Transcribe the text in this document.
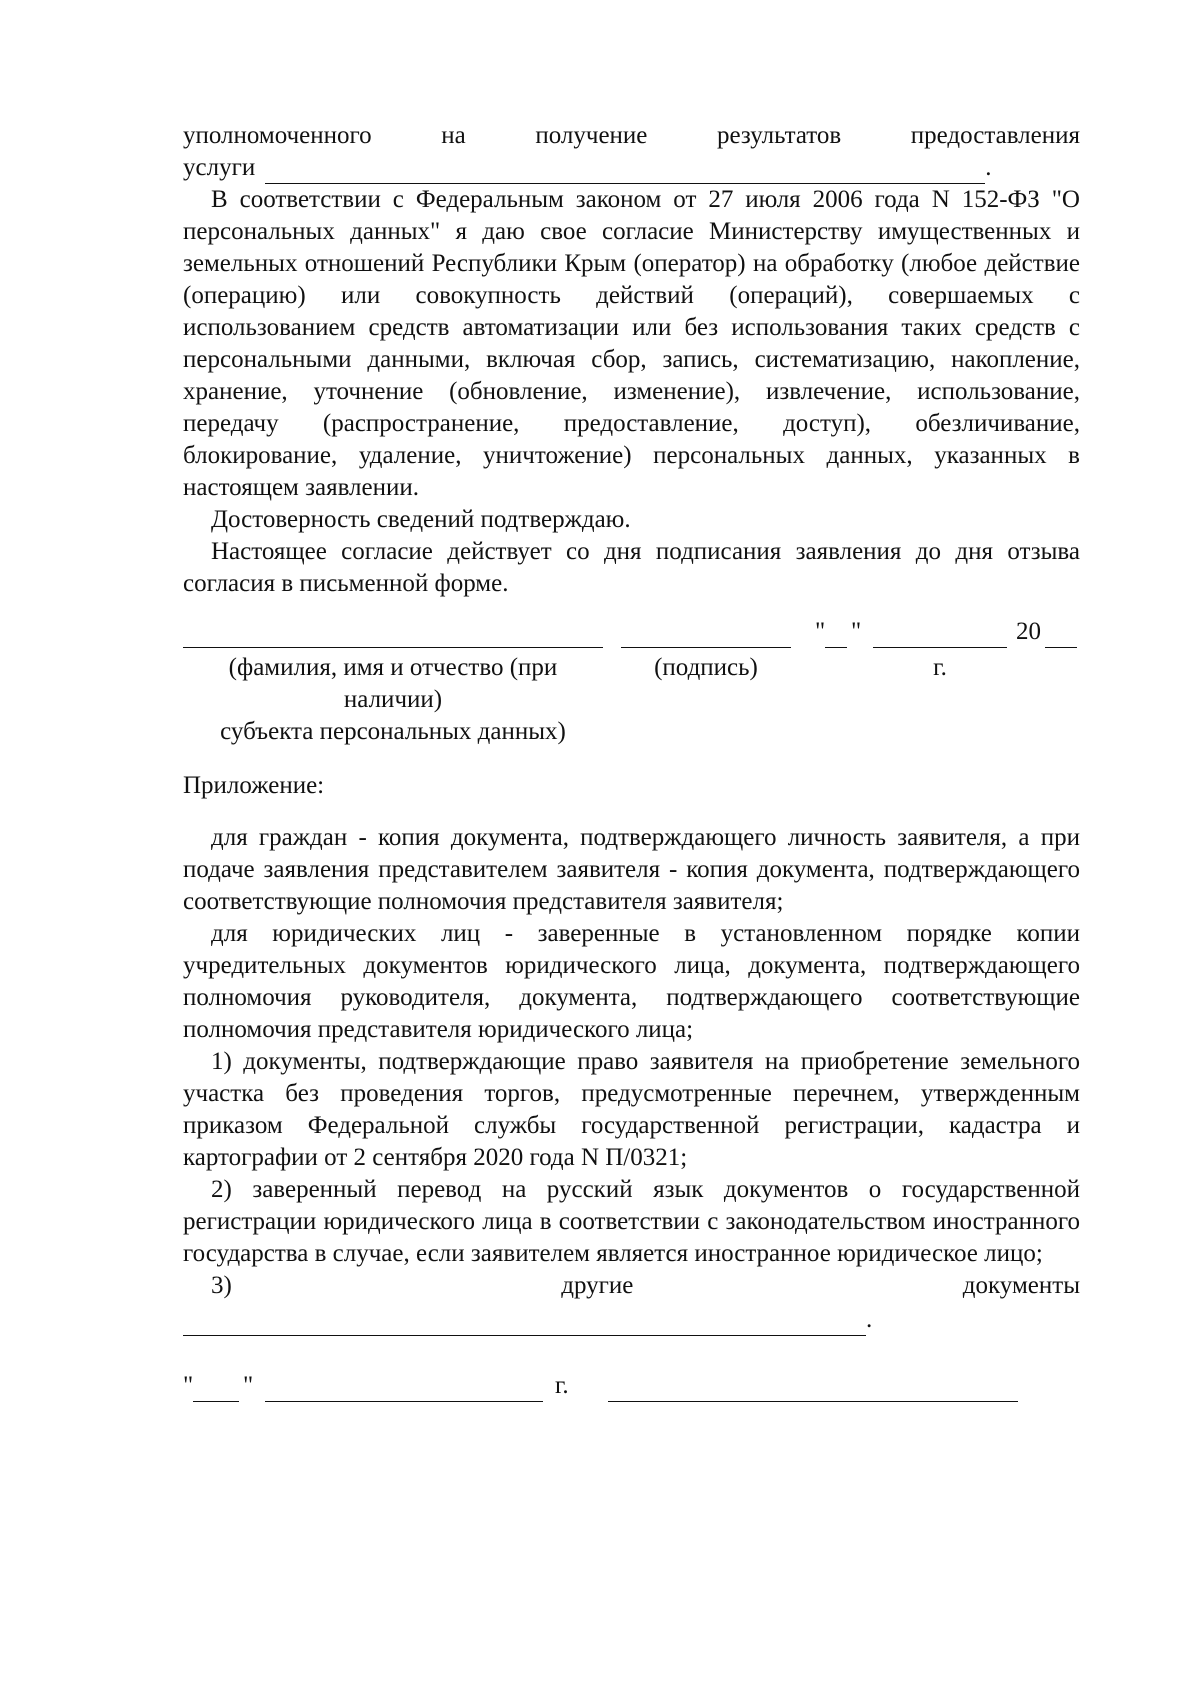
уполномоченного на получение результатов предоставления

услуги	.

В соответствии с Федеральным законом от 27 июля 2006 года N 152-ФЗ "О персональных данных" я даю свое согласие Министерству имущественных и земельных отношений Республики Крым (оператор) на обработку (любое действие (операцию) или совокупность действий (операций), совершаемых с использованием средств автоматизации или без использования таких средств с персональными данными, включая сбор, запись, систематизацию, накопление, хранение, уточнение (обновление, изменение), извлечение, использование, передачу (распространение, предоставление, доступ), обезличивание, блокирование, удаление, уничтожение) персональных данных, указанных в настоящем заявлении.

Достоверность сведений подтверждаю.

Настоящее согласие действует со дня подписания заявления до дня отзыва согласия в письменной форме.

" "	20
(фамилия, имя и отчество (при наличии)
субъекта персональных данных)
(подпись)	г.

Приложение:

для граждан - копия документа, подтверждающего личность заявителя, а при подаче заявления представителем заявителя - копия документа, подтверждающего соответствующие полномочия представителя заявителя;

для юридических лиц - заверенные в установленном порядке копии учредительных документов юридического лица, документа, подтверждающего полномочия руководителя, документа, подтверждающего соответствующие полномочия представителя юридического лица;

1) документы, подтверждающие право заявителя на приобретение земельного участка без проведения торгов, предусмотренные перечнем, утвержденным приказом Федеральной службы государственной регистрации, кадастра и картографии от 2 сентября 2020 года N П/0321;

2) заверенный перевод на русский язык документов о государственной регистрации юридического лица в соответствии с законодательством иностранного государства в случае, если заявителем является иностранное юридическое лицо;

3)	другие	документы
.
" "	г.
